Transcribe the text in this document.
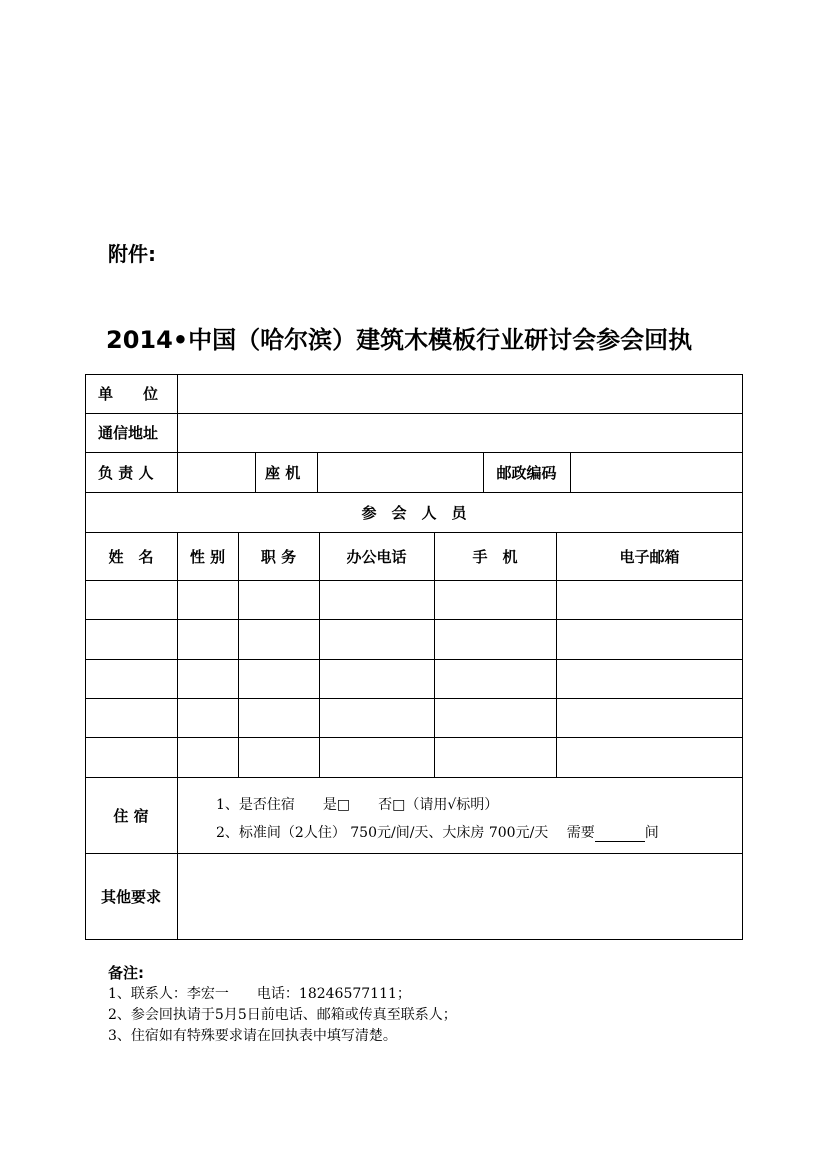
附件:
2014•中国（哈尔滨）建筑木模板行业研讨会参会回执
单　　位
通信地址
负 责 人	座 机	邮政编码
参　会　人　员
姓　名	性 别	职 务	办公电话	手　机	电子邮箱
住 宿
1、是否住宿　　是□　　否□（请用√标明）
2、标准间（2人住） 750元/间/天、大床房 700元/天　 需要	间
其他要求
备注:
1、联系人：李宏一　　电话：18246577111；
2、参会回执请于5月5日前电话、邮箱或传真至联系人；
3、住宿如有特殊要求请在回执表中填写清楚。
